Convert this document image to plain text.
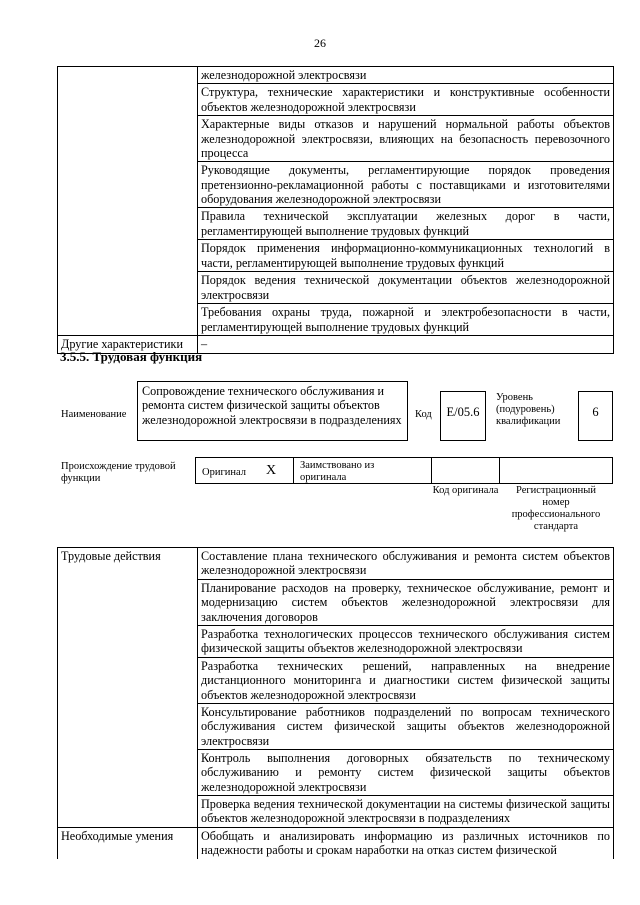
26
	железнодорожной электросвязи
	Структура, технические характеристики и конструктивные особенности объектов железнодорожной электросвязи
	Характерные виды отказов и нарушений нормальной работы объектов железнодорожной электросвязи, влияющих на безопасность перевозочного процесса
	Руководящие документы, регламентирующие порядок проведения претензионно-рекламационной работы с поставщиками и изготовителями оборудования железнодорожной электросвязи
	Правила технической эксплуатации железных дорог в части, регламентирующей выполнение трудовых функций
	Порядок применения информационно-коммуникационных технологий в части, регламентирующей выполнение трудовых функций
	Порядок ведения технической документации объектов железнодорожной электросвязи
	Требования охраны труда, пожарной и электробезопасности в части, регламентирующей выполнение трудовых функций
Другие характеристики	–
3.5.5. Трудовая функция
Наименование
Сопровождение технического обслуживания и ремонта систем физической защиты объектов железнодорожной электросвязи в подразделениях	Код	E/05.6
Уровень (подуровень) квалификации
6
Происхождение трудовой функции
Оригинал X Заимствовано из оригинала
Код оригинала	Регистрационный номер профессионального стандарта
Трудовые действия	Составление плана технического обслуживания и ремонта систем объектов железнодорожной электросвязи
	Планирование расходов на проверку, техническое обслуживание, ремонт и модернизацию систем объектов железнодорожной электросвязи для заключения договоров
	Разработка технологических процессов технического обслуживания систем физической защиты объектов железнодорожной электросвязи
	Разработка технических решений, направленных на внедрение дистанционного мониторинга и диагностики систем физической защиты объектов железнодорожной электросвязи
	Консультирование работников подразделений по вопросам технического обслуживания систем физической защиты объектов железнодорожной электросвязи
	Контроль выполнения договорных обязательств по техническому обслуживанию и ремонту систем физической защиты объектов железнодорожной электросвязи
	Проверка ведения технической документации на системы физической защиты объектов железнодорожной электросвязи в подразделениях
Необходимые умения	Обобщать и анализировать информацию из различных источников по надежности работы и срокам наработки на отказ систем физической
